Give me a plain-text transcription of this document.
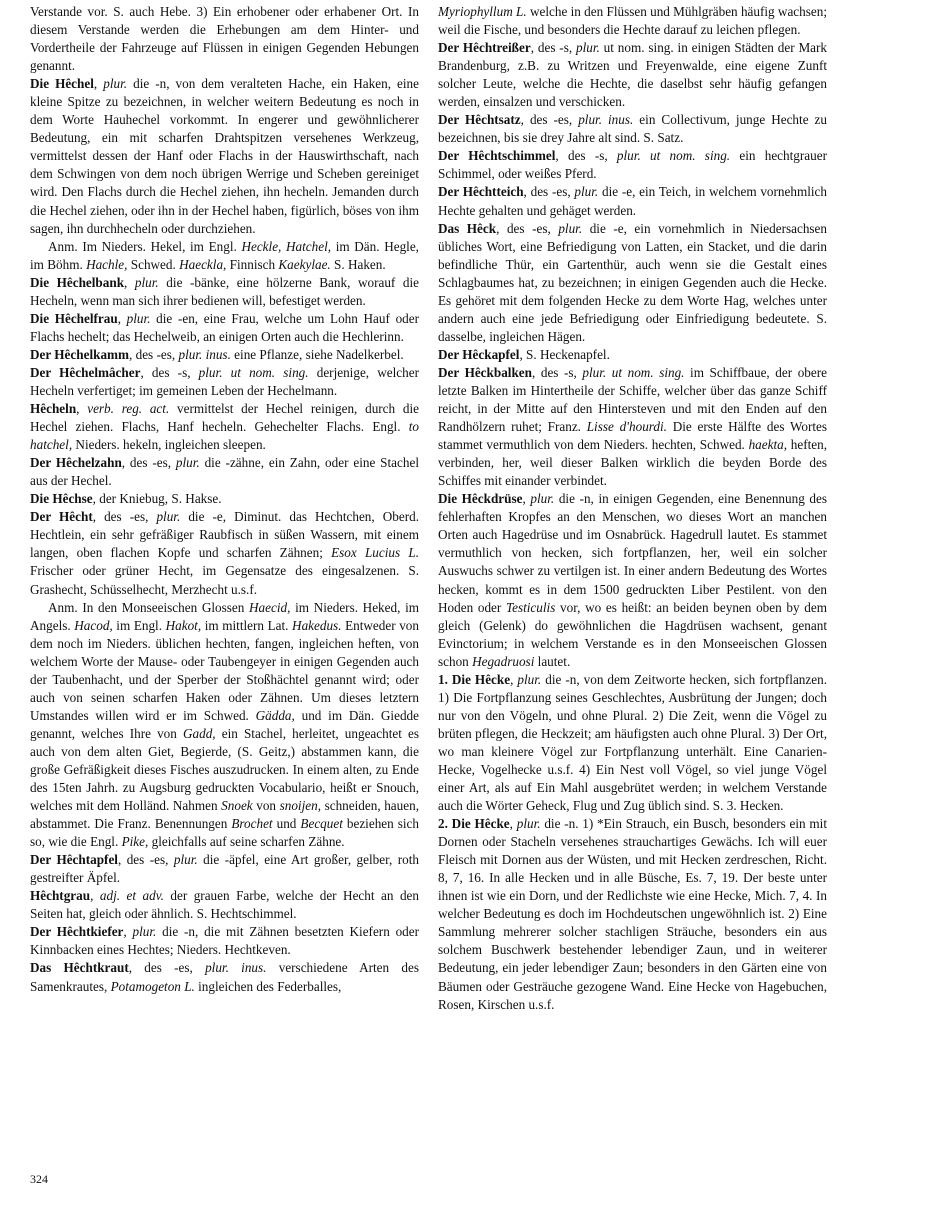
Verstande vor. S. auch Hebe. 3) Ein erhobener oder erhabener Ort. In diesem Verstande werden die Erhebungen am dem Hinter- und Vordertheile der Fahrzeuge auf Flüssen in einigen Gegenden Hebungen genannt.

Die Hêchel, plur. die -n, von dem veralteten Hache, ein Haken, eine kleine Spitze zu bezeichnen, in welcher weitern Bedeutung es noch in dem Worte Hauhechel vorkommt. In engerer und gewöhnlicherer Bedeutung, ein mit scharfen Drahtspitzen versehenes Werkzeug, vermittelst dessen der Hanf oder Flachs in der Hauswirthschaft, nach dem Schwingen von dem noch übrigen Werrige und Scheben gereiniget wird. Den Flachs durch die Hechel ziehen, ihn hecheln. Jemanden durch die Hechel ziehen, oder ihn in der Hechel haben, figürlich, böses von ihm sagen, ihn durchhecheln oder durchziehen.

Anm. Im Nieders. Hekel, im Engl. Heckle, Hatchel, im Dän. Hegle, im Böhm. Hachle, Schwed. Haeckla, Finnisch Kaekylae. S. Haken.

Die Hêchelbank, plur. die -bänke, eine hölzerne Bank, worauf die Hecheln, wenn man sich ihrer bedienen will, befestiget werden.

Die Hêchelfrau, plur. die -en, eine Frau, welche um Lohn Hauf oder Flachs hechelt; das Hechelweib, an einigen Orten auch die Hechlerinn.

Der Hêchelkamm, des -es, plur. inus. eine Pflanze, siehe Nadelkerbel.

Der Hêchelmâcher, des -s, plur. ut nom. sing. derjenige, welcher Hecheln verfertiget; im gemeinen Leben der Hechelmann.

Hêcheln, verb. reg. act. vermittelst der Hechel reinigen, durch die Hechel ziehen. Flachs, Hanf hecheln. Gehechelter Flachs. Engl. to hatchel, Nieders. hekeln, ingleichen sleepen.

Der Hêchelzahn, des -es, plur. die -zähne, ein Zahn, oder eine Stachel aus der Hechel.

Die Hêchse, der Kniebug, S. Hakse.

Der Hêcht, des -es, plur. die -e, Diminut. das Hechtchen, Oberd. Hechtlein, ein sehr gefräßiger Raubfisch in süßen Wassern, mit einem langen, oben flachen Kopfe und scharfen Zähnen; Esox Lucius L. Frischer oder grüner Hecht, im Gegensatze des eingesalzenen. S. Grashecht, Schüsselhecht, Merzhecht u.s.f.

Anm. In den Monseeischen Glossen Haecid, im Nieders. Heked, im Angels. Hacod, im Engl. Hakot, im mittlern Lat. Hakedus. Entweder von dem noch im Nieders. üblichen hechten, fangen, ingleichen heften, von welchem Worte der Mause- oder Taubengeyer in einigen Gegenden auch der Taubenhacht, und der Sperber der Stoßhächtel genannt wird; oder auch von seinen scharfen Haken oder Zähnen. Um dieses letztern Umstandes willen wird er im Schwed. Gädda, und im Dän. Giedde genannt, welches Ihre von Gadd, ein Stachel, herleitet, ungeachtet es auch von dem alten Giet, Begierde, (S. Geitz,) abstammen kann, die große Gefräßigkeit dieses Fisches auszudrucken. In einem alten, zu Ende des 15ten Jahrh. zu Augsburg gedruckten Vocabulario, heißt er Snouch, welches mit dem Holländ. Nahmen Snoek von snoijen, schneiden, hauen, abstammet. Die Franz. Benennungen Brochet und Becquet beziehen sich so, wie die Engl. Pike, gleichfalls auf seine scharfen Zähne.

Der Hêchtapfel, des -es, plur. die -äpfel, eine Art großer, gelber, roth gestreifter Äpfel.

Hêchtgrau, adj. et adv. der grauen Farbe, welche der Hecht an den Seiten hat, gleich oder ähnlich. S. Hechtschimmel.

Der Hêchtkiefer, plur. die -n, die mit Zähnen besetzten Kiefern oder Kinnbacken eines Hechtes; Nieders. Hechtkeven.

Das Hêchtkraut, des -es, plur. inus. verschiedene Arten des Samenkrautes, Potamogeton L. ingleichen des Federballes,

Myriophyllum L. welche in den Flüssen und Mühlgräben häufig wachsen; weil die Fische, und besonders die Hechte darauf zu leichen pflegen.

Der Hêchtreißer, des -s, plur. ut nom. sing. in einigen Städten der Mark Brandenburg, z.B. zu Writzen und Freyenwalde, eine eigene Zunft solcher Leute, welche die Hechte, die daselbst sehr häufig gefangen werden, einsalzen und verschicken.

Der Hêchtsatz, des -es, plur. inus. ein Collectivum, junge Hechte zu bezeichnen, bis sie drey Jahre alt sind. S. Satz.

Der Hêchtschimmel, des -s, plur. ut nom. sing. ein hechtgrauer Schimmel, oder weißes Pferd.

Der Hêchtteich, des -es, plur. die -e, ein Teich, in welchem vornehmlich Hechte gehalten und gehäget werden.

Das Hêck, des -es, plur. die -e, ein vornehmlich in Niedersachsen übliches Wort, eine Befriedigung von Latten, ein Stacket, und die darin befindliche Thür, ein Gartenthür, auch wenn sie die Gestalt eines Schlagbaumes hat, zu bezeichnen; in einigen Gegenden auch die Hecke. Es gehöret mit dem folgenden Hecke zu dem Worte Hag, welches unter andern auch eine jede Befriedigung oder Einfriedigung bedeutete. S. dasselbe, ingleichen Hägen.

Der Hêckapfel, S. Heckenapfel.

Der Hêckbalken, des -s, plur. ut nom. sing. im Schiffbaue, der obere letzte Balken im Hintertheile der Schiffe, welcher über das ganze Schiff reicht, in der Mitte auf den Hintersteven und mit den Enden auf den Randhölzern ruhet; Franz. Lisse d'hourdi. Die erste Hälfte des Wortes stammet vermuthlich von dem Nieders. hechten, Schwed. haekta, heften, verbinden, her, weil dieser Balken wirklich die beyden Borde des Schiffes mit einander verbindet.

Die Hêckdrüse, plur. die -n, in einigen Gegenden, eine Benennung des fehlerhaften Kropfes an den Menschen, wo dieses Wort an manchen Orten auch Hagedrüse und im Osnabrück. Hagedrull lautet. Es stammet vermuthlich von hecken, sich fortpflanzen, her, weil ein solcher Auswuchs schwer zu vertilgen ist. In einer andern Bedeutung des Wortes hecken, kommt es in dem 1500 gedruckten Liber Pestilent. von den Hoden oder Testiculis vor, wo es heißt: an beiden beynen oben by dem gleich (Gelenk) do gewöhnlichen die Hagdrüsen wachsent, genant Evinctorium; in welchem Verstande es in den Monseeischen Glossen schon Hegadruosi lautet.

1. Die Hêcke, plur. die -n, von dem Zeitworte hecken, sich fortpflanzen. 1) Die Fortpflanzung seines Geschlechtes, Ausbrütung der Jungen; doch nur von den Vögeln, und ohne Plural. 2) Die Zeit, wenn die Vögel zu brüten pflegen, die Heckzeit; am häufigsten auch ohne Plural. 3) Der Ort, wo man kleinere Vögel zur Fortpflanzung unterhält. Eine Canarien-Hecke, Vogelhecke u.s.f. 4) Ein Nest voll Vögel, so viel junge Vögel einer Art, als auf Ein Mahl ausgebrütet werden; in welchem Verstande auch die Wörter Geheck, Flug und Zug üblich sind. S. 3. Hecken.

2. Die Hêcke, plur. die -n. 1) *Ein Strauch, ein Busch, besonders ein mit Dornen oder Stacheln versehenes strauchartiges Gewächs. Ich will euer Fleisch mit Dornen aus der Wüsten, und mit Hecken zerdreschen, Richt. 8, 7, 16. In alle Hecken und in alle Büsche, Es. 7, 19. Der beste unter ihnen ist wie ein Dorn, und der Redlichste wie eine Hecke, Mich. 7, 4. In welcher Bedeutung es doch im Hochdeutschen ungewöhnlich ist. 2) Eine Sammlung mehrerer solcher stachligen Sträuche, besonders ein aus solchem Buschwerk bestehender lebendiger Zaun, und in weiterer Bedeutung, ein jeder lebendiger Zaun; besonders in den Gärten eine von Bäumen oder Gesträuche gezogene Wand. Eine Hecke von Hagebuchen, Rosen, Kirschen u.s.f.

324
